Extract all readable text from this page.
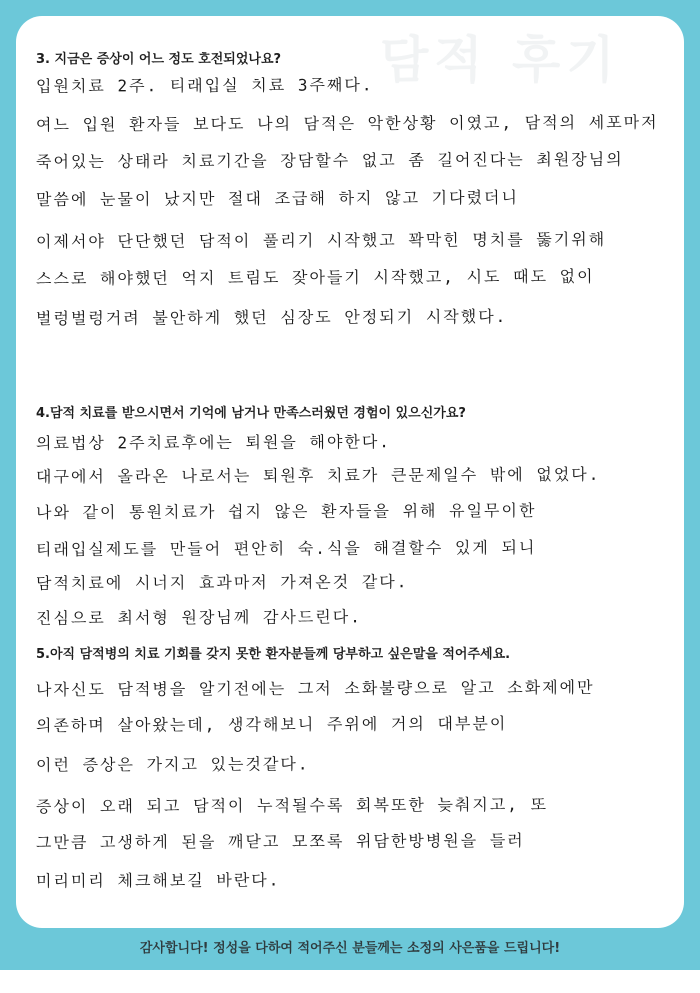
담적 후기
3. 지금은 증상이 어느 정도 호전되었나요?

입원치료 2주. 티래입실 치료 3주째다.

여느 입원 환자들 보다도 나의 담적은 악한상황 이였고, 담적의 세포마저

죽어있는 상태라 치료기간을 장담할수 없고 좀 길어진다는 최원장님의

말씀에 눈물이 났지만 절대 조급해 하지 않고 기다렸더니

이제서야 단단했던 담적이 풀리기 시작했고 꽉막힌 명치를 뚫기위해

스스로 해야했던 억지 트림도 잦아들기 시작했고, 시도 때도 없이

벌렁벌렁거려 불안하게 했던 심장도 안정되기 시작했다.

4.담적 치료를 받으시면서 기억에 남거나 만족스러웠던 경험이 있으신가요?

의료법상 2주치료후에는 퇴원을 해야한다.

대구에서 올라온 나로서는 퇴원후 치료가 큰문제일수 밖에 없었다.

나와 같이 통원치료가 쉽지 않은 환자들을 위해 유일무이한

티래입실제도를 만들어 편안히 숙.식을 해결할수 있게 되니

담적치료에 시너지 효과마저 가져온것 같다.

진심으로 최서형 원장님께 감사드린다.

5.아직 담적병의 치료 기회를 갖지 못한 환자분들께 당부하고 싶은말을 적어주세요.

나자신도 담적병을 알기전에는 그저 소화불량으로 알고 소화제에만

의존하며 살아왔는데, 생각해보니 주위에 거의 대부분이

이런 증상은 가지고 있는것같다.

증상이 오래 되고 담적이 누적될수록 회복또한 늦춰지고, 또

그만큼 고생하게 된을 깨닫고 모쪼록 위담한방병원을 들러

미리미리 체크해보길 바란다.

감사합니다! 정성을 다하여 적어주신 분들께는 소정의 사은품을 드립니다!
